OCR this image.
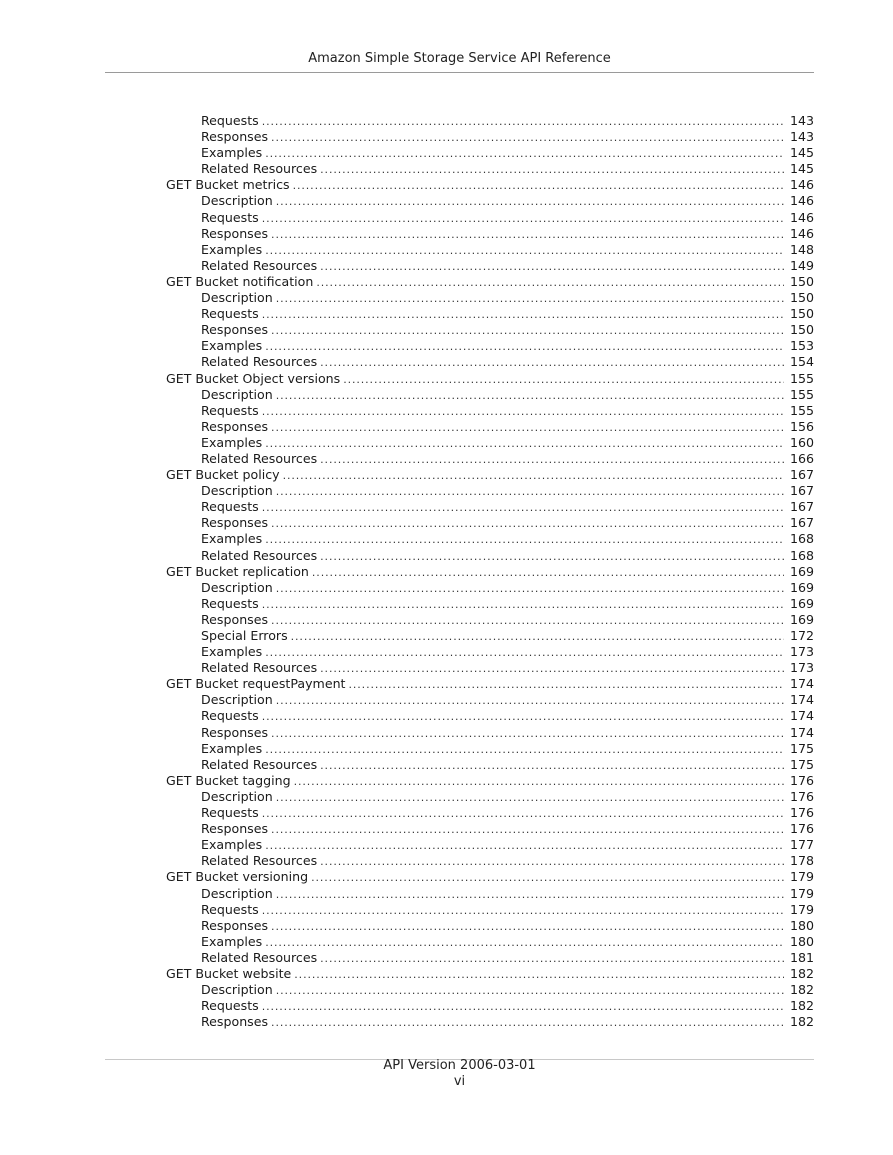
Amazon Simple Storage Service API Reference
Requests . . .	143
Responses . . .	143
Examples . . .	145
Related Resources . . .	145
GET Bucket metrics . . .	146
Description . . .	146
Requests . . .	146
Responses . . .	146
Examples . . .	148
Related Resources . . .	149
GET Bucket notification . . .	150
Description . . .	150
Requests . . .	150
Responses . . .	150
Examples . . .	153
Related Resources . . .	154
GET Bucket Object versions . . .	155
Description . . .	155
Requests . . .	155
Responses . . .	156
Examples . . .	160
Related Resources . . .	166
GET Bucket policy . . .	167
Description . . .	167
Requests . . .	167
Responses . . .	167
Examples . . .	168
Related Resources . . .	168
GET Bucket replication . . .	169
Description . . .	169
Requests . . .	169
Responses . . .	169
Special Errors . . .	172
Examples . . .	173
Related Resources . . .	173
GET Bucket requestPayment . . .	174
Description . . .	174
Requests . . .	174
Responses . . .	174
Examples . . .	175
Related Resources . . .	175
GET Bucket tagging . . .	176
Description . . .	176
Requests . . .	176
Responses . . .	176
Examples . . .	177
Related Resources . . .	178
GET Bucket versioning . . .	179
Description . . .	179
Requests . . .	179
Responses . . .	180
Examples . . .	180
Related Resources . . .	181
GET Bucket website . . .	182
Description . . .	182
Requests . . .	182
Responses . . .	182
API Version 2006-03-01
vi
